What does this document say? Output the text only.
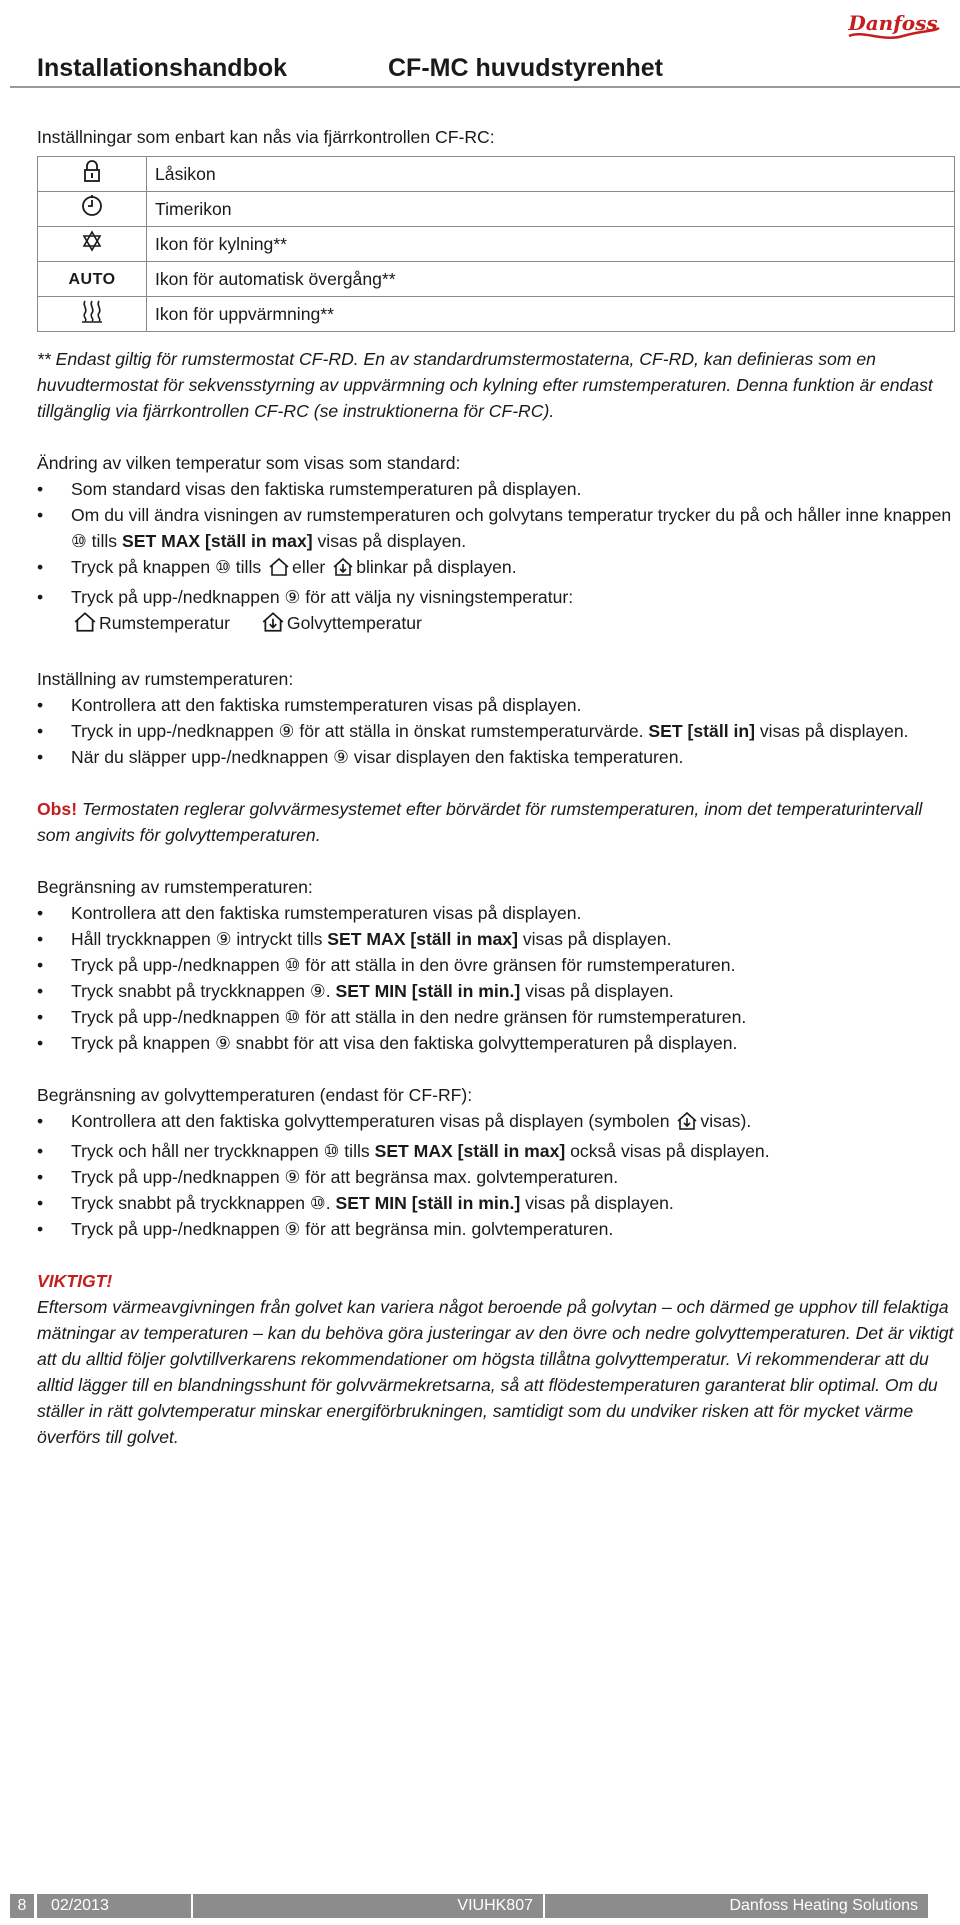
Danfoss
Installationshandbok	CF-MC huvudstyrenhet

Inställningar som enbart kan nås via fjärrkontrollen CF-RC:

	Låsikon
	Timerikon
	Ikon för kylning**
AUTO	Ikon för automatisk övergång**
	Ikon för uppvärmning**

** Endast giltig för rumstermostat CF-RD. En av standardrumstermostaterna, CF-RD, kan definieras som en huvudtermostat för sekvensstyrning av uppvärmning och kylning efter rumstemperaturen. Denna funktion är endast tillgänglig via fjärrkontrollen CF-RC (se instruktionerna för CF-RC).

Ändring av vilken temperatur som visas som standard:

• Som standard visas den faktiska rumstemperaturen på displayen.
• Om du vill ändra visningen av rumstemperaturen och golvytans temperatur trycker du på och håller inne knappen ⑩ tills SET MAX [ställ in max] visas på displayen.
• Tryck på knappen ⑩ tills eller blinkar på displayen.
• Tryck på upp-/nedknappen ⑨ för att välja ny visningstemperatur:
Rumstemperatur	Golvyttemperatur

Inställning av rumstemperaturen:

• Kontrollera att den faktiska rumstemperaturen visas på displayen.
• Tryck in upp-/nedknappen ⑨ för att ställa in önskat rumstemperaturvärde. SET [ställ in] visas på displayen.
• När du släpper upp-/nedknappen ⑨ visar displayen den faktiska temperaturen.

Obs! Termostaten reglerar golvvärmesystemet efter börvärdet för rumstemperaturen, inom det temperaturintervall som angivits för golvyttemperaturen.

Begränsning av rumstemperaturen:

• Kontrollera att den faktiska rumstemperaturen visas på displayen.
• Håll tryckknappen ⑨ intryckt tills SET MAX [ställ in max] visas på displayen.
• Tryck på upp-/nedknappen ⑩ för att ställa in den övre gränsen för rumstemperaturen.
• Tryck snabbt på tryckknappen ⑨. SET MIN [ställ in min.] visas på displayen.
• Tryck på upp-/nedknappen ⑩ för att ställa in den nedre gränsen för rumstemperaturen.
• Tryck på knappen ⑨ snabbt för att visa den faktiska golvyttemperaturen på displayen.

Begränsning av golvyttemperaturen (endast för CF-RF):

• Kontrollera att den faktiska golvyttemperaturen visas på displayen (symbolen visas).
• Tryck och håll ner tryckknappen ⑩ tills SET MAX [ställ in max] också visas på displayen.
• Tryck på upp-/nedknappen ⑨ för att begränsa max. golvtemperaturen.
• Tryck snabbt på tryckknappen ⑩. SET MIN [ställ in min.] visas på displayen.
• Tryck på upp-/nedknappen ⑨ för att begränsa min. golvtemperaturen.

VIKTIGT!

Eftersom värmeavgivningen från golvet kan variera något beroende på golvytan – och därmed ge upphov till felaktiga mätningar av temperaturen – kan du behöva göra justeringar av den övre och nedre golvyttemperaturen. Det är viktigt att du alltid följer golvtillverkarens rekommendationer om högsta tillåtna golvyttemperatur. Vi rekommenderar att du alltid lägger till en blandningsshunt för golvvärmekretsarna, så att flödestemperaturen garanterat blir optimal. Om du ställer in rätt golvtemperatur minskar energiförbrukningen, samtidigt som du undviker risken att för mycket värme överförs till golvet.

8	02/2013	VIUHK807	Danfoss Heating Solutions
